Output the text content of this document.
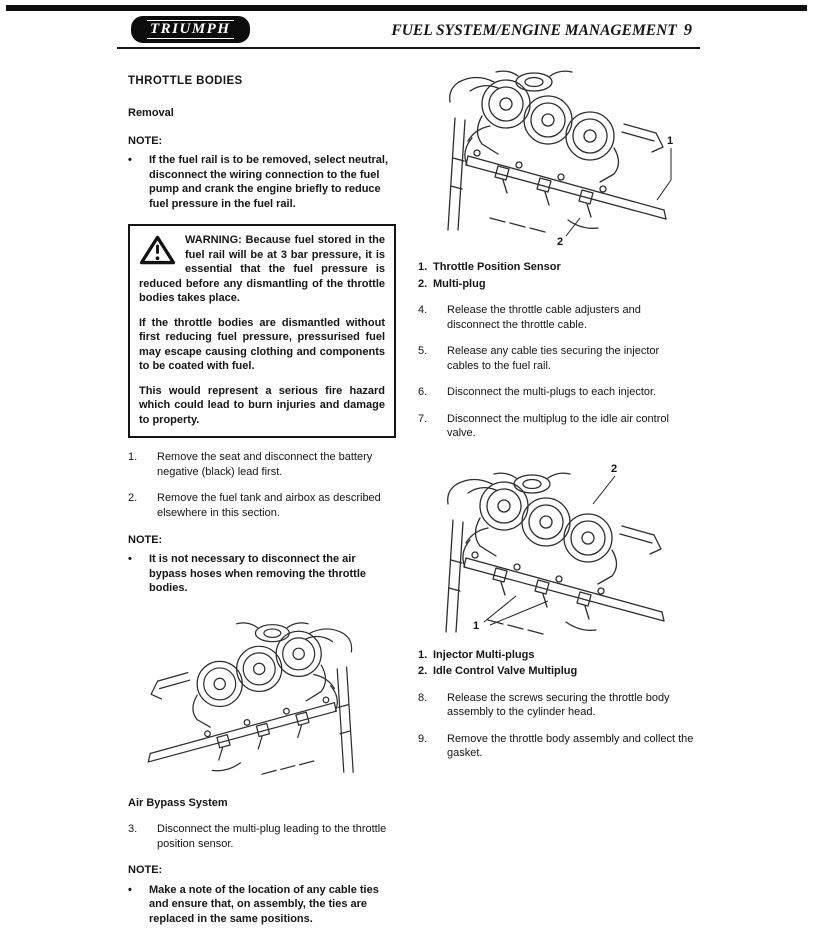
TRIUMPH	FUEL SYSTEM/ENGINE MANAGEMENT 9
THROTTLE BODIES
Removal
NOTE:
•	If the fuel rail is to be removed, select neutral, disconnect the wiring connection to the fuel pump and crank the engine briefly to reduce fuel pressure in the fuel rail.

WARNING: Because fuel stored in the fuel rail will be at 3 bar pressure, it is essential that the fuel pressure is reduced before any dismantling of the throttle bodies takes place.

If the throttle bodies are dismantled without first reducing fuel pressure, pressurised fuel may escape causing clothing and components to be coated with fuel.

This would represent a serious fire hazard which could lead to burn injuries and damage to property.

1.	Remove the seat and disconnect the battery negative (black) lead first.
2.	Remove the fuel tank and airbox as described elsewhere in this section.
NOTE:
•	It is not necessary to disconnect the air bypass hoses when removing the throttle bodies.
Air Bypass System
3.	Disconnect the multi-plug leading to the throttle position sensor.
NOTE:
•	Make a note of the location of any cable ties and ensure that, on assembly, the ties are replaced in the same positions.
1
2
1. Throttle Position Sensor
2. Multi-plug
4.	Release the throttle cable adjusters and disconnect the throttle cable.
5.	Release any cable ties securing the injector cables to the fuel rail.
6.	Disconnect the multi-plugs to each injector.
7.	Disconnect the multiplug to the idle air control valve.
2
1
1. Injector Multi-plugs
2. Idle Control Valve Multiplug
8.	Release the screws securing the throttle body assembly to the cylinder head.
9.	Remove the throttle body assembly and collect the gasket.
